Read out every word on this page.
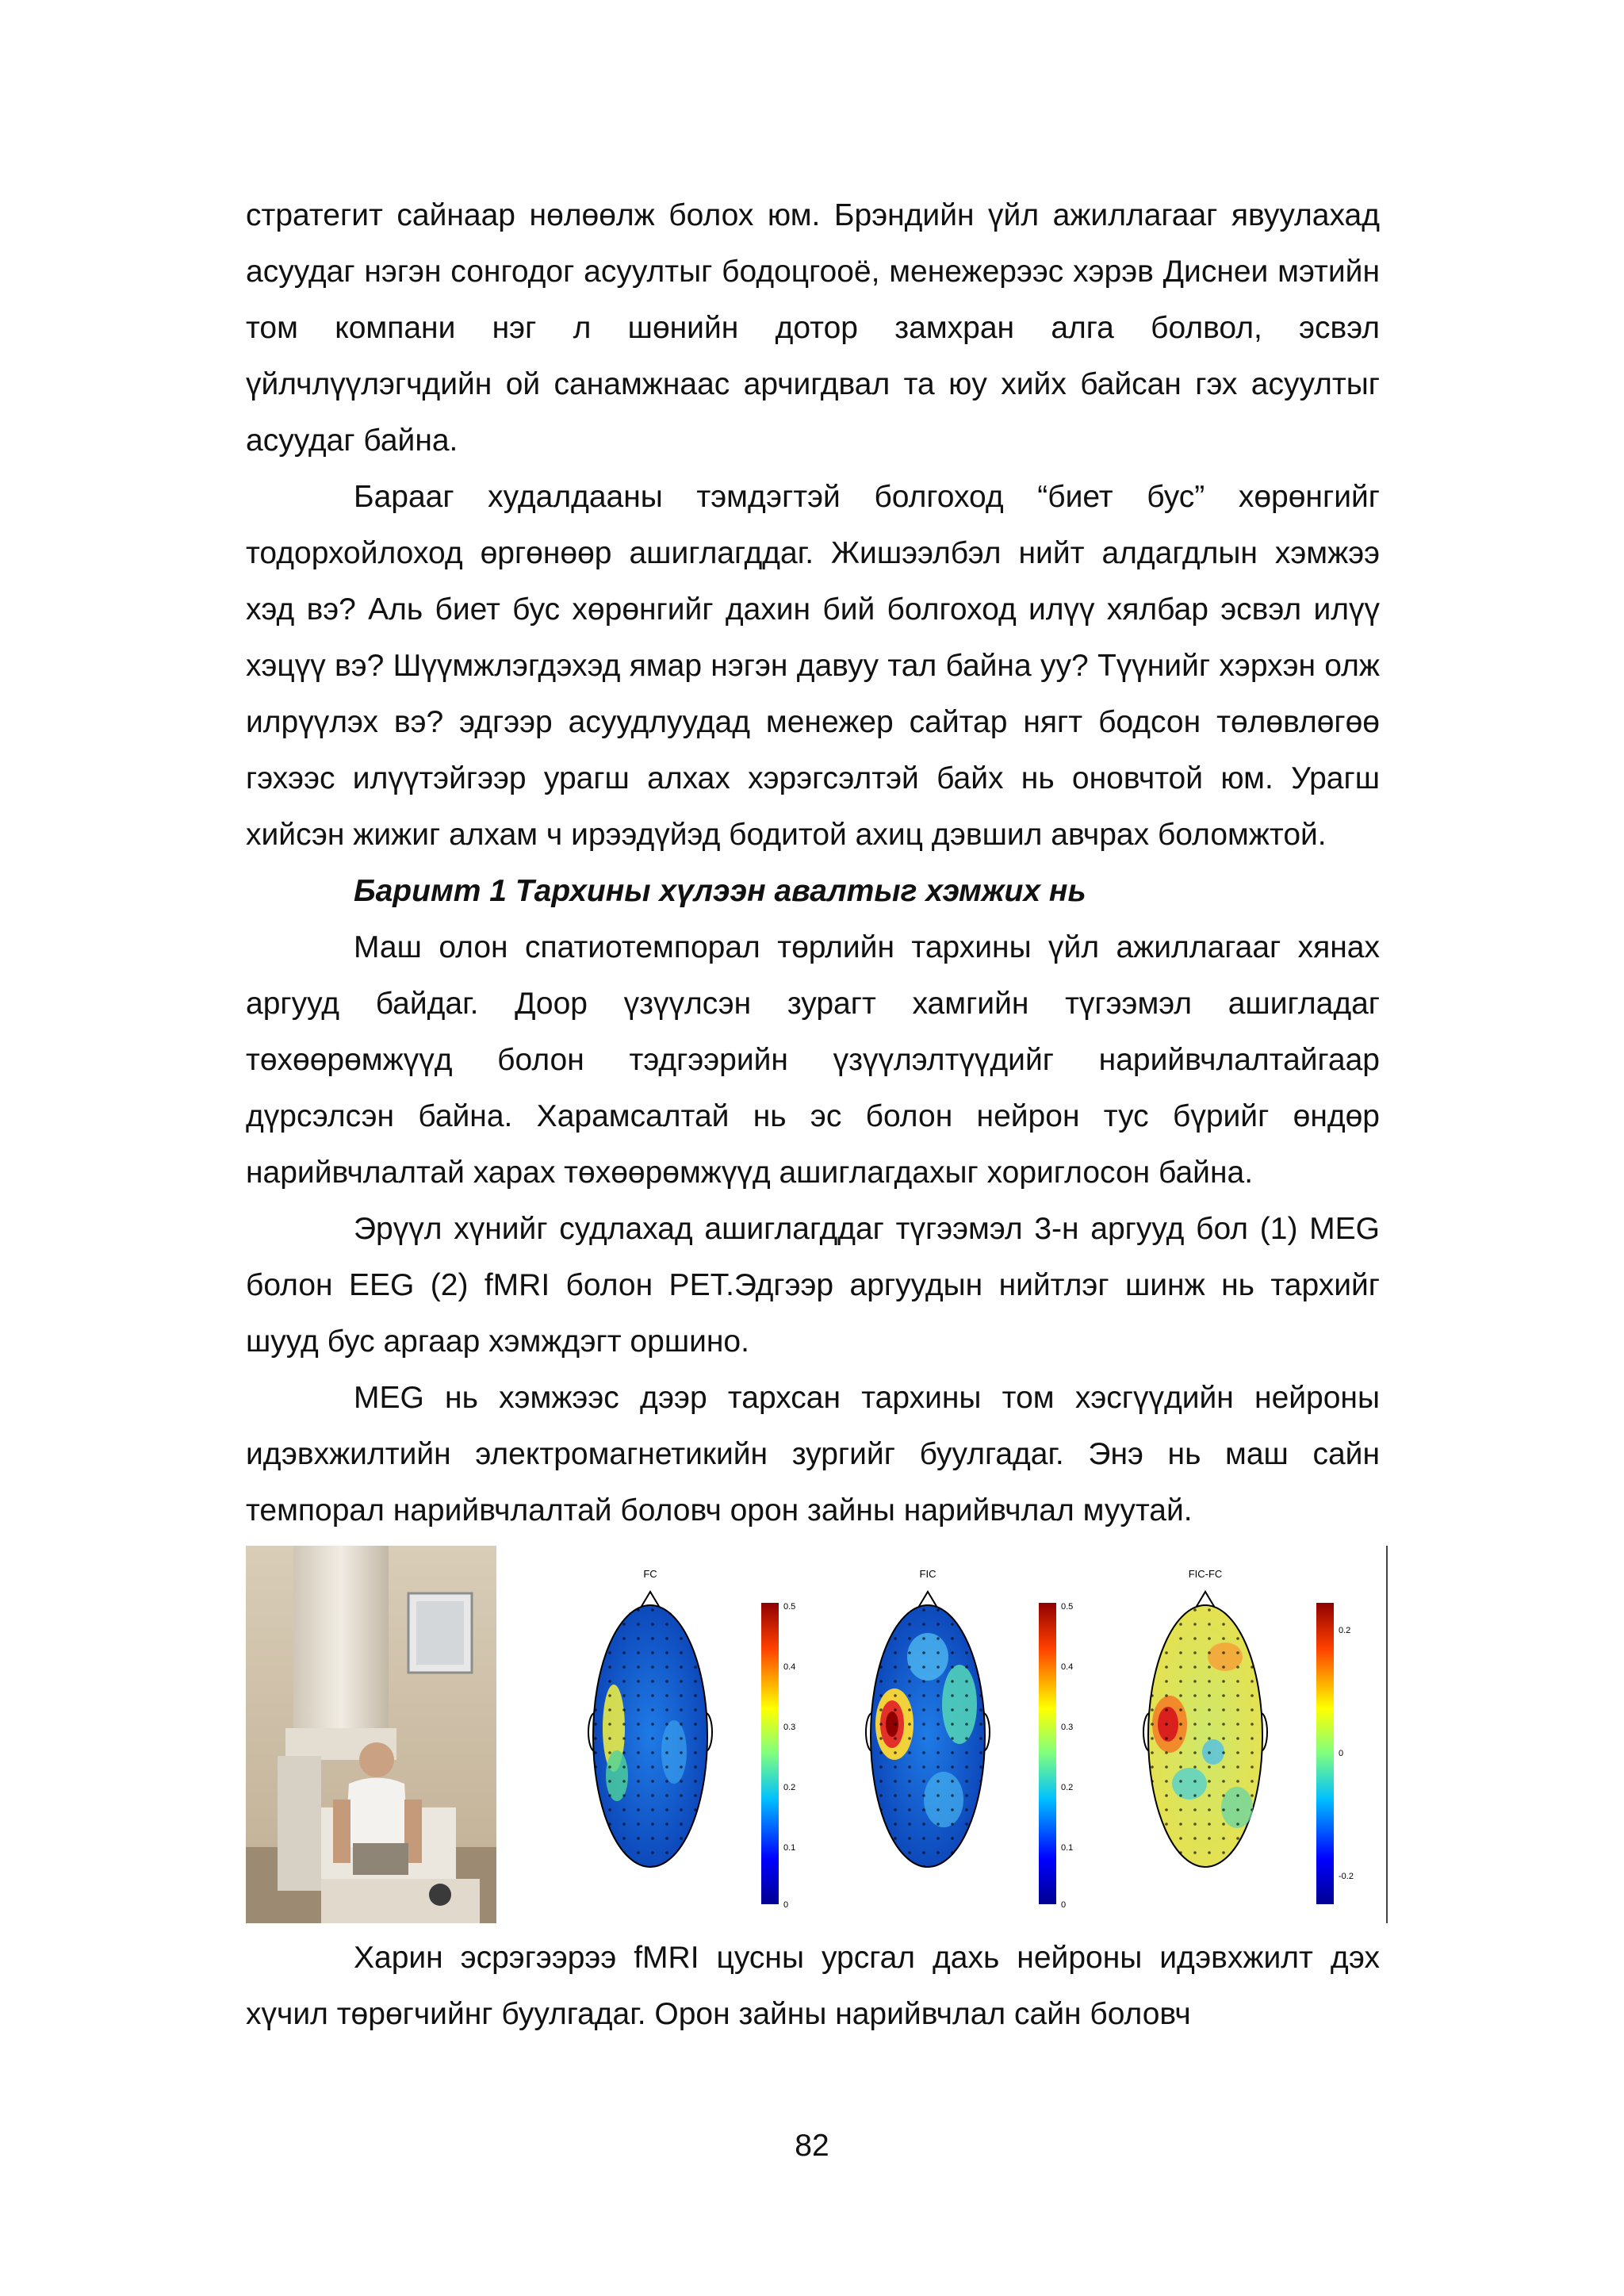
стратегит сайнаар нөлөөлж болох юм. Брэндийн үйл ажиллагааг явуулахад асуудаг нэгэн сонгодог асуултыг бодоцгооё, менежерээс хэрэв Диснеи мэтийн том компани нэг л шөнийн дотор замхран алга болвол, эсвэл үйлчлүүлэгчдийн ой санамжнаас арчигдвал та юу хийх байсан гэх асуултыг асуудаг байна.

Бараaг худалдааны тэмдэгтэй болгоход “биет бус” хөрөнгийг тодорхойлоход өргөнөөр ашиглагддаг. Жишээлбэл нийт алдагдлын хэмжээ хэд вэ? Аль биет бус хөрөнгийг дахин бий болгоход илүү хялбар эсвэл илүү хэцүү вэ? Шүүмжлэгдэхэд ямар нэгэн давуу тал байна уу? Түүнийг хэрхэн олж илрүүлэх вэ? эдгээр асуудлуудад менежер сайтар нягт бодсон төлөвлөгөө гэхээс илүүтэйгээр урагш алхах хэрэгсэлтэй байх нь оновчтой юм. Урагш хийсэн жижиг алхам ч ирээдүйэд бодитой ахиц дэвшил авчрах боломжтой.

Баримт 1 Тархины хүлээн авалтыг хэмжих нь

Маш олон спатиотемпорал төрлийн тархины үйл ажиллагааг хянах аргууд байдаг. Доор үзүүлсэн зурагт хамгийн түгээмэл ашигладаг төхөөрөмжүүд болон тэдгээрийн үзүүлэлтүүдийг нарийвчлалтайгаар дүрсэлсэн байна. Харамсалтай нь эс болон нейрон тус бүрийг өндөр нарийвчлалтай харах төхөөрөмжүүд ашиглагдахыг хориглосон байна.

Эрүүл хүнийг судлахад ашиглагддаг түгээмэл 3-н аргууд бол (1) MEG болон EEG (2) fMRI болон PET.Эдгээр аргуудын нийтлэг шинж нь тархийг шууд бус аргаар хэмждэгт оршино.

MEG нь хэмжээс дээр тархсан тархины том хэсгүүдийн нейроны идэвхжилтийн электромагнетикийн зургийг буулгадаг. Энэ нь маш сайн темпорал нарийвчлалтай боловч орон зайны нарийвчлал муутай.

FC
0.5
0.4
0.3
0.2
0.1
0
FIC
0.5
0.4
0.3
0.2
0.1
0
FIC-FC
0.2
0
-0.2

Харин эсрэгээрээ fMRI цусны урсгал дахь нейроны идэвхжилт дэх хүчил төрөгчийнг буулгадаг. Орон зайны нарийвчлал сайн боловч

82
